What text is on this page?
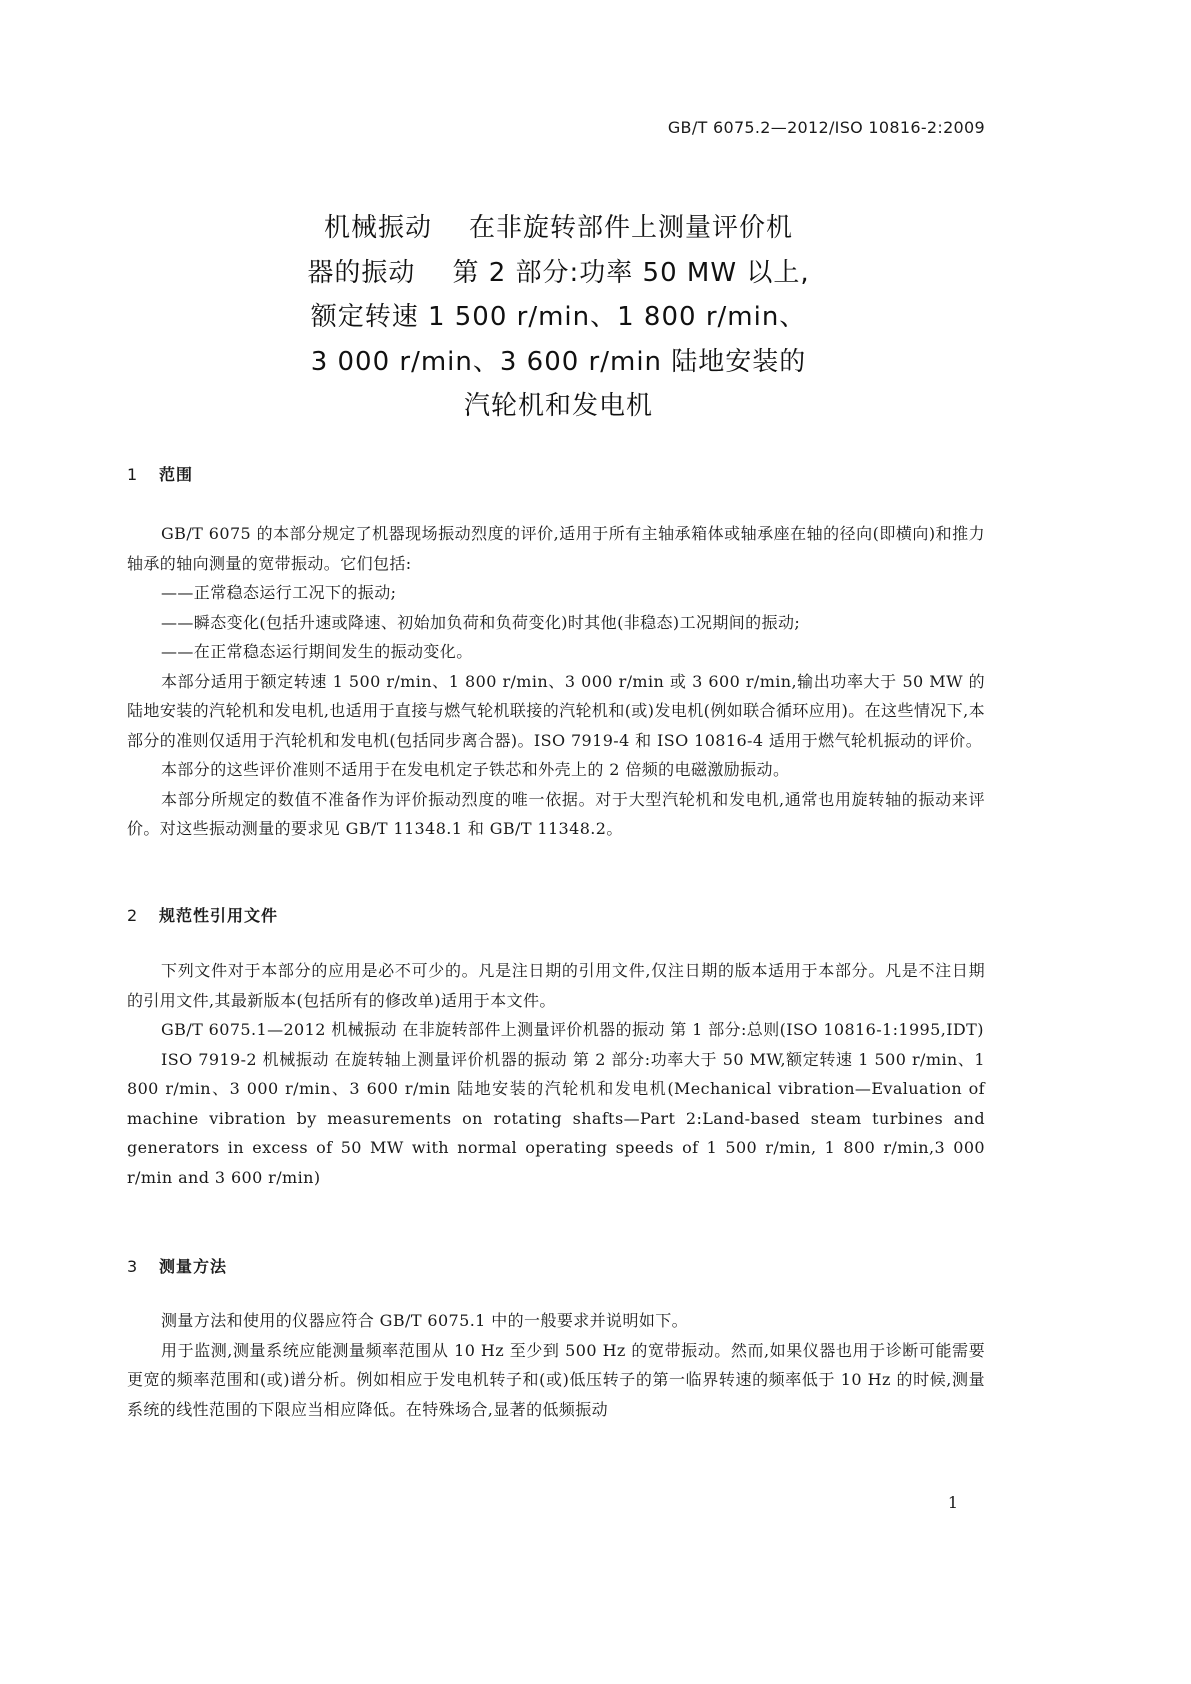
GB/T 6075.2—2012/ISO 10816-2:2009
机械振动    在非旋转部件上测量评价机
器的振动    第 2 部分:功率 50 MW 以上,
额定转速 1 500 r/min、1 800 r/min、
3 000 r/min、3 600 r/min 陆地安装的
汽轮机和发电机
1 范围

GB/T 6075 的本部分规定了机器现场振动烈度的评价,适用于所有主轴承箱体或轴承座在轴的径向(即横向)和推力轴承的轴向测量的宽带振动。它们包括:

——正常稳态运行工况下的振动;

——瞬态变化(包括升速或降速、初始加负荷和负荷变化)时其他(非稳态)工况期间的振动;

——在正常稳态运行期间发生的振动变化。

本部分适用于额定转速 1 500 r/min、1 800 r/min、3 000 r/min 或 3 600 r/min,输出功率大于 50 MW 的陆地安装的汽轮机和发电机,也适用于直接与燃气轮机联接的汽轮机和(或)发电机(例如联合循环应用)。在这些情况下,本部分的准则仅适用于汽轮机和发电机(包括同步离合器)。ISO 7919-4 和 ISO 10816-4 适用于燃气轮机振动的评价。

本部分的这些评价准则不适用于在发电机定子铁芯和外壳上的 2 倍频的电磁激励振动。

本部分所规定的数值不准备作为评价振动烈度的唯一依据。对于大型汽轮机和发电机,通常也用旋转轴的振动来评价。对这些振动测量的要求见 GB/T 11348.1 和 GB/T 11348.2。

2 规范性引用文件

下列文件对于本部分的应用是必不可少的。凡是注日期的引用文件,仅注日期的版本适用于本部分。凡是不注日期的引用文件,其最新版本(包括所有的修改单)适用于本文件。

GB/T 6075.1—2012 机械振动 在非旋转部件上测量评价机器的振动 第 1 部分:总则(ISO 10816-1:1995,IDT)

ISO 7919-2 机械振动 在旋转轴上测量评价机器的振动 第 2 部分:功率大于 50 MW,额定转速 1 500 r/min、1 800 r/min、3 000 r/min、3 600 r/min 陆地安装的汽轮机和发电机(Mechanical vibration—Evaluation of machine vibration by measurements on rotating shafts—Part 2:Land-based steam turbines and generators in excess of 50 MW with normal operating speeds of 1 500 r/min, 1 800 r/min,3 000 r/min and 3 600 r/min)

3 测量方法

测量方法和使用的仪器应符合 GB/T 6075.1 中的一般要求并说明如下。

用于监测,测量系统应能测量频率范围从 10 Hz 至少到 500 Hz 的宽带振动。然而,如果仪器也用于诊断可能需要更宽的频率范围和(或)谱分析。例如相应于发电机转子和(或)低压转子的第一临界转速的频率低于 10 Hz 的时候,测量系统的线性范围的下限应当相应降低。在特殊场合,显著的低频振动

1
